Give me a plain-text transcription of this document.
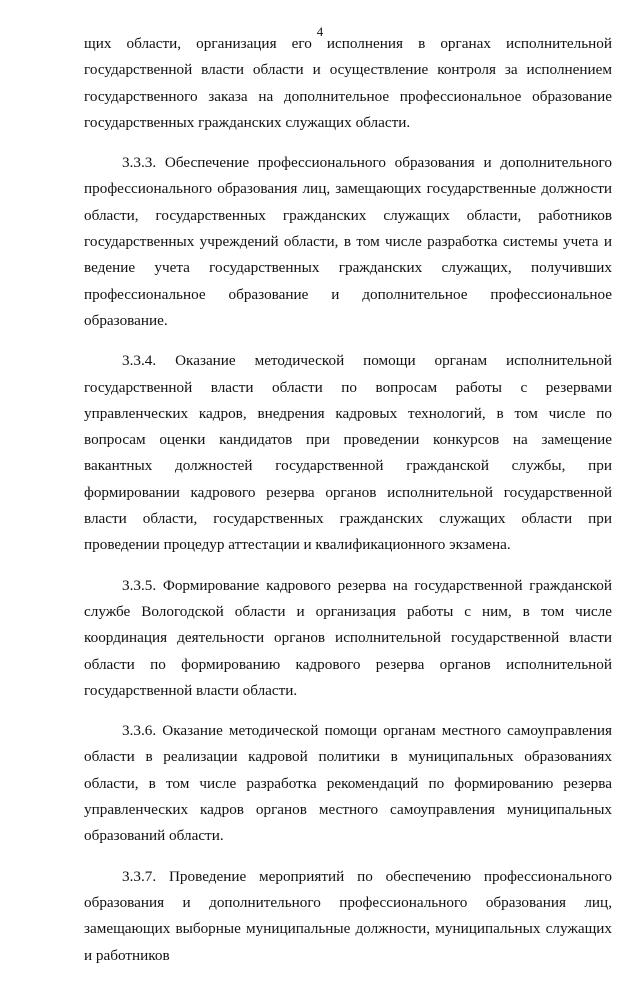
4

щих области, организация его исполнения в органах исполнительной государственной власти области и осуществление контроля за исполнением государственного заказа на дополнительное профессиональное образование государственных гражданских служащих области.

3.3.3. Обеспечение профессионального образования и дополнительного профессионального образования лиц, замещающих государственные должности области, государственных гражданских служащих области, работников государственных учреждений области, в том числе разработка системы учета и ведение учета государственных гражданских служащих, получивших профессиональное образование и дополнительное профессиональное образование.

3.3.4. Оказание методической помощи органам исполнительной государственной власти области по вопросам работы с резервами управленческих кадров, внедрения кадровых технологий, в том числе по вопросам оценки кандидатов при проведении конкурсов на замещение вакантных должностей государственной гражданской службы, при формировании кадрового резерва органов исполнительной государственной власти области, государственных гражданских служащих области при проведении процедур аттестации и квалификационного экзамена.

3.3.5. Формирование кадрового резерва на государственной гражданской службе Вологодской области и организация работы с ним, в том числе координация деятельности органов исполнительной государственной власти области по формированию кадрового резерва органов исполнительной государственной власти области.

3.3.6. Оказание методической помощи органам местного самоуправления области в реализации кадровой политики в муниципальных образованиях области, в том числе разработка рекомендаций по формированию резерва управленческих кадров органов местного самоуправления муниципальных образований области.

3.3.7. Проведение мероприятий по обеспечению профессионального образования и дополнительного профессионального образования лиц, замещающих выборные муниципальные должности, муниципальных служащих и работников
